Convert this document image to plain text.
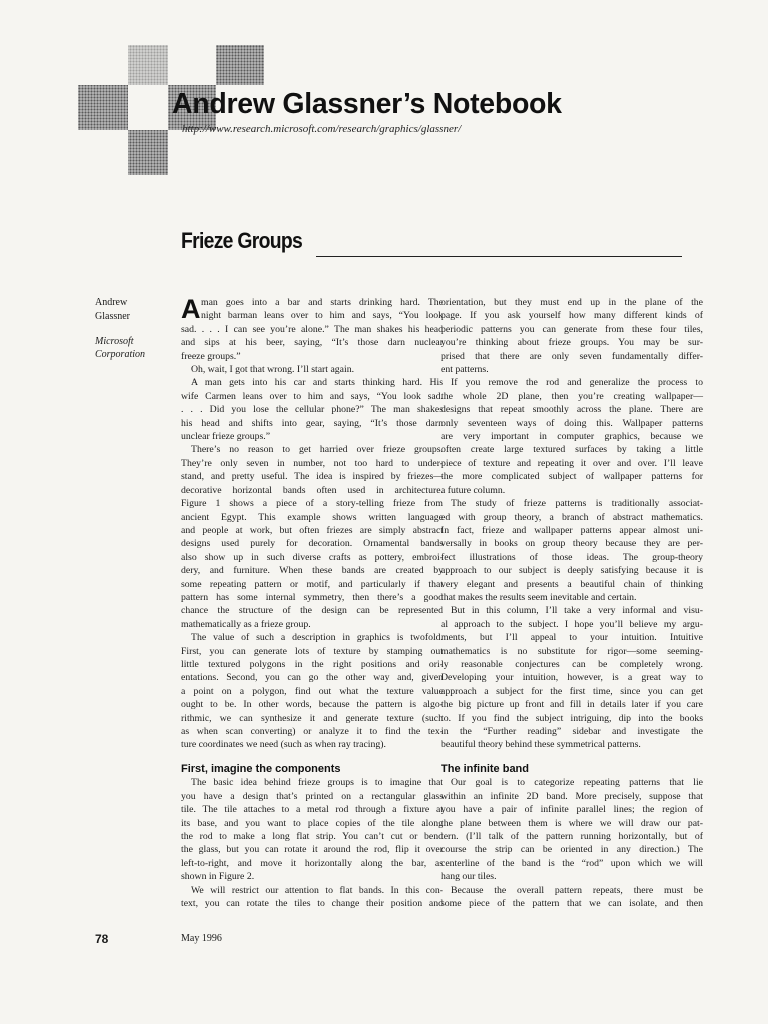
Andrew Glassner’s Notebook
http://www.research.microsoft.com/research/graphics/glassner/
Frieze Groups
Andrew
Glassner
Microsoft
Corporation
A man goes into a bar and starts drinking hard. The
night barman leans over to him and says, “You look
sad. . . . I can see you’re alone.” The man shakes his head
and sips at his beer, saying, “It’s those darn nuclear
freeze groups.”
Oh, wait, I got that wrong. I’ll start again.
A man gets into his car and starts thinking hard. His
wife Carmen leans over to him and says, “You look sad.
. . . Did you lose the cellular phone?” The man shakes
his head and shifts into gear, saying, “It’s those darn
unclear frieze groups.”
There’s no reason to get harried over frieze groups.
They’re only seven in number, not too hard to under-
stand, and pretty useful. The idea is inspired by friezes—
decorative horizontal bands often used in architecture.
Figure 1 shows a piece of a story-telling frieze from
ancient Egypt. This example shows written language
and people at work, but often friezes are simply abstract
designs used purely for decoration. Ornamental bands
also show up in such diverse crafts as pottery, embroi-
dery, and furniture. When these bands are created by
some repeating pattern or motif, and particularly if that
pattern has some internal symmetry, then there’s a good
chance the structure of the design can be represented
mathematically as a frieze group.
The value of such a description in graphics is twofold.
First, you can generate lots of texture by stamping out
little textured polygons in the right positions and ori-
entations. Second, you can go the other way and, given
a point on a polygon, find out what the texture value
ought to be. In other words, because the pattern is algo-
rithmic, we can synthesize it and generate texture (such
as when scan converting) or analyze it to find the tex-
ture coordinates we need (such as when ray tracing).
First, imagine the components
The basic idea behind frieze groups is to imagine that
you have a design that’s printed on a rectangular glass
tile. The tile attaches to a metal rod through a fixture at
its base, and you want to place copies of the tile along
the rod to make a long flat strip. You can’t cut or bend
the glass, but you can rotate it around the rod, flip it over
left-to-right, and move it horizontally along the bar, as
shown in Figure 2.
We will restrict our attention to flat bands. In this con-
text, you can rotate the tiles to change their position and
orientation, but they must end up in the plane of the
page. If you ask yourself how many different kinds of
periodic patterns you can generate from these four tiles,
you’re thinking about frieze groups. You may be sur-
prised that there are only seven fundamentally differ-
ent patterns.
If you remove the rod and generalize the process to
the whole 2D plane, then you’re creating wallpaper—
designs that repeat smoothly across the plane. There are
only seventeen ways of doing this. Wallpaper patterns
are very important in computer graphics, because we
often create large textured surfaces by taking a little
piece of texture and repeating it over and over. I’ll leave
the more complicated subject of wallpaper patterns for
a future column.
The study of frieze patterns is traditionally associat-
ed with group theory, a branch of abstract mathematics.
In fact, frieze and wallpaper patterns appear almost uni-
versally in books on group theory because they are per-
fect illustrations of those ideas. The group-theory
approach to our subject is deeply satisfying because it is
very elegant and presents a beautiful chain of thinking
that makes the results seem inevitable and certain.
But in this column, I’ll take a very informal and visu-
al approach to the subject. I hope you’ll believe my argu-
ments, but I’ll appeal to your intuition. Intuitive
mathematics is no substitute for rigor—some seeming-
ly reasonable conjectures can be completely wrong.
Developing your intuition, however, is a great way to
approach a subject for the first time, since you can get
the big picture up front and fill in details later if you care
to. If you find the subject intriguing, dip into the books
in the “Further reading” sidebar and investigate the
beautiful theory behind these symmetrical patterns.
The infinite band
Our goal is to categorize repeating patterns that lie
within an infinite 2D band. More precisely, suppose that
you have a pair of infinite parallel lines; the region of
the plane between them is where we will draw our pat-
tern. (I’ll talk of the pattern running horizontally, but of
course the strip can be oriented in any direction.) The
centerline of the band is the “rod” upon which we will
hang our tiles.
Because the overall pattern repeats, there must be
some piece of the pattern that we can isolate, and then
78	May 1996
